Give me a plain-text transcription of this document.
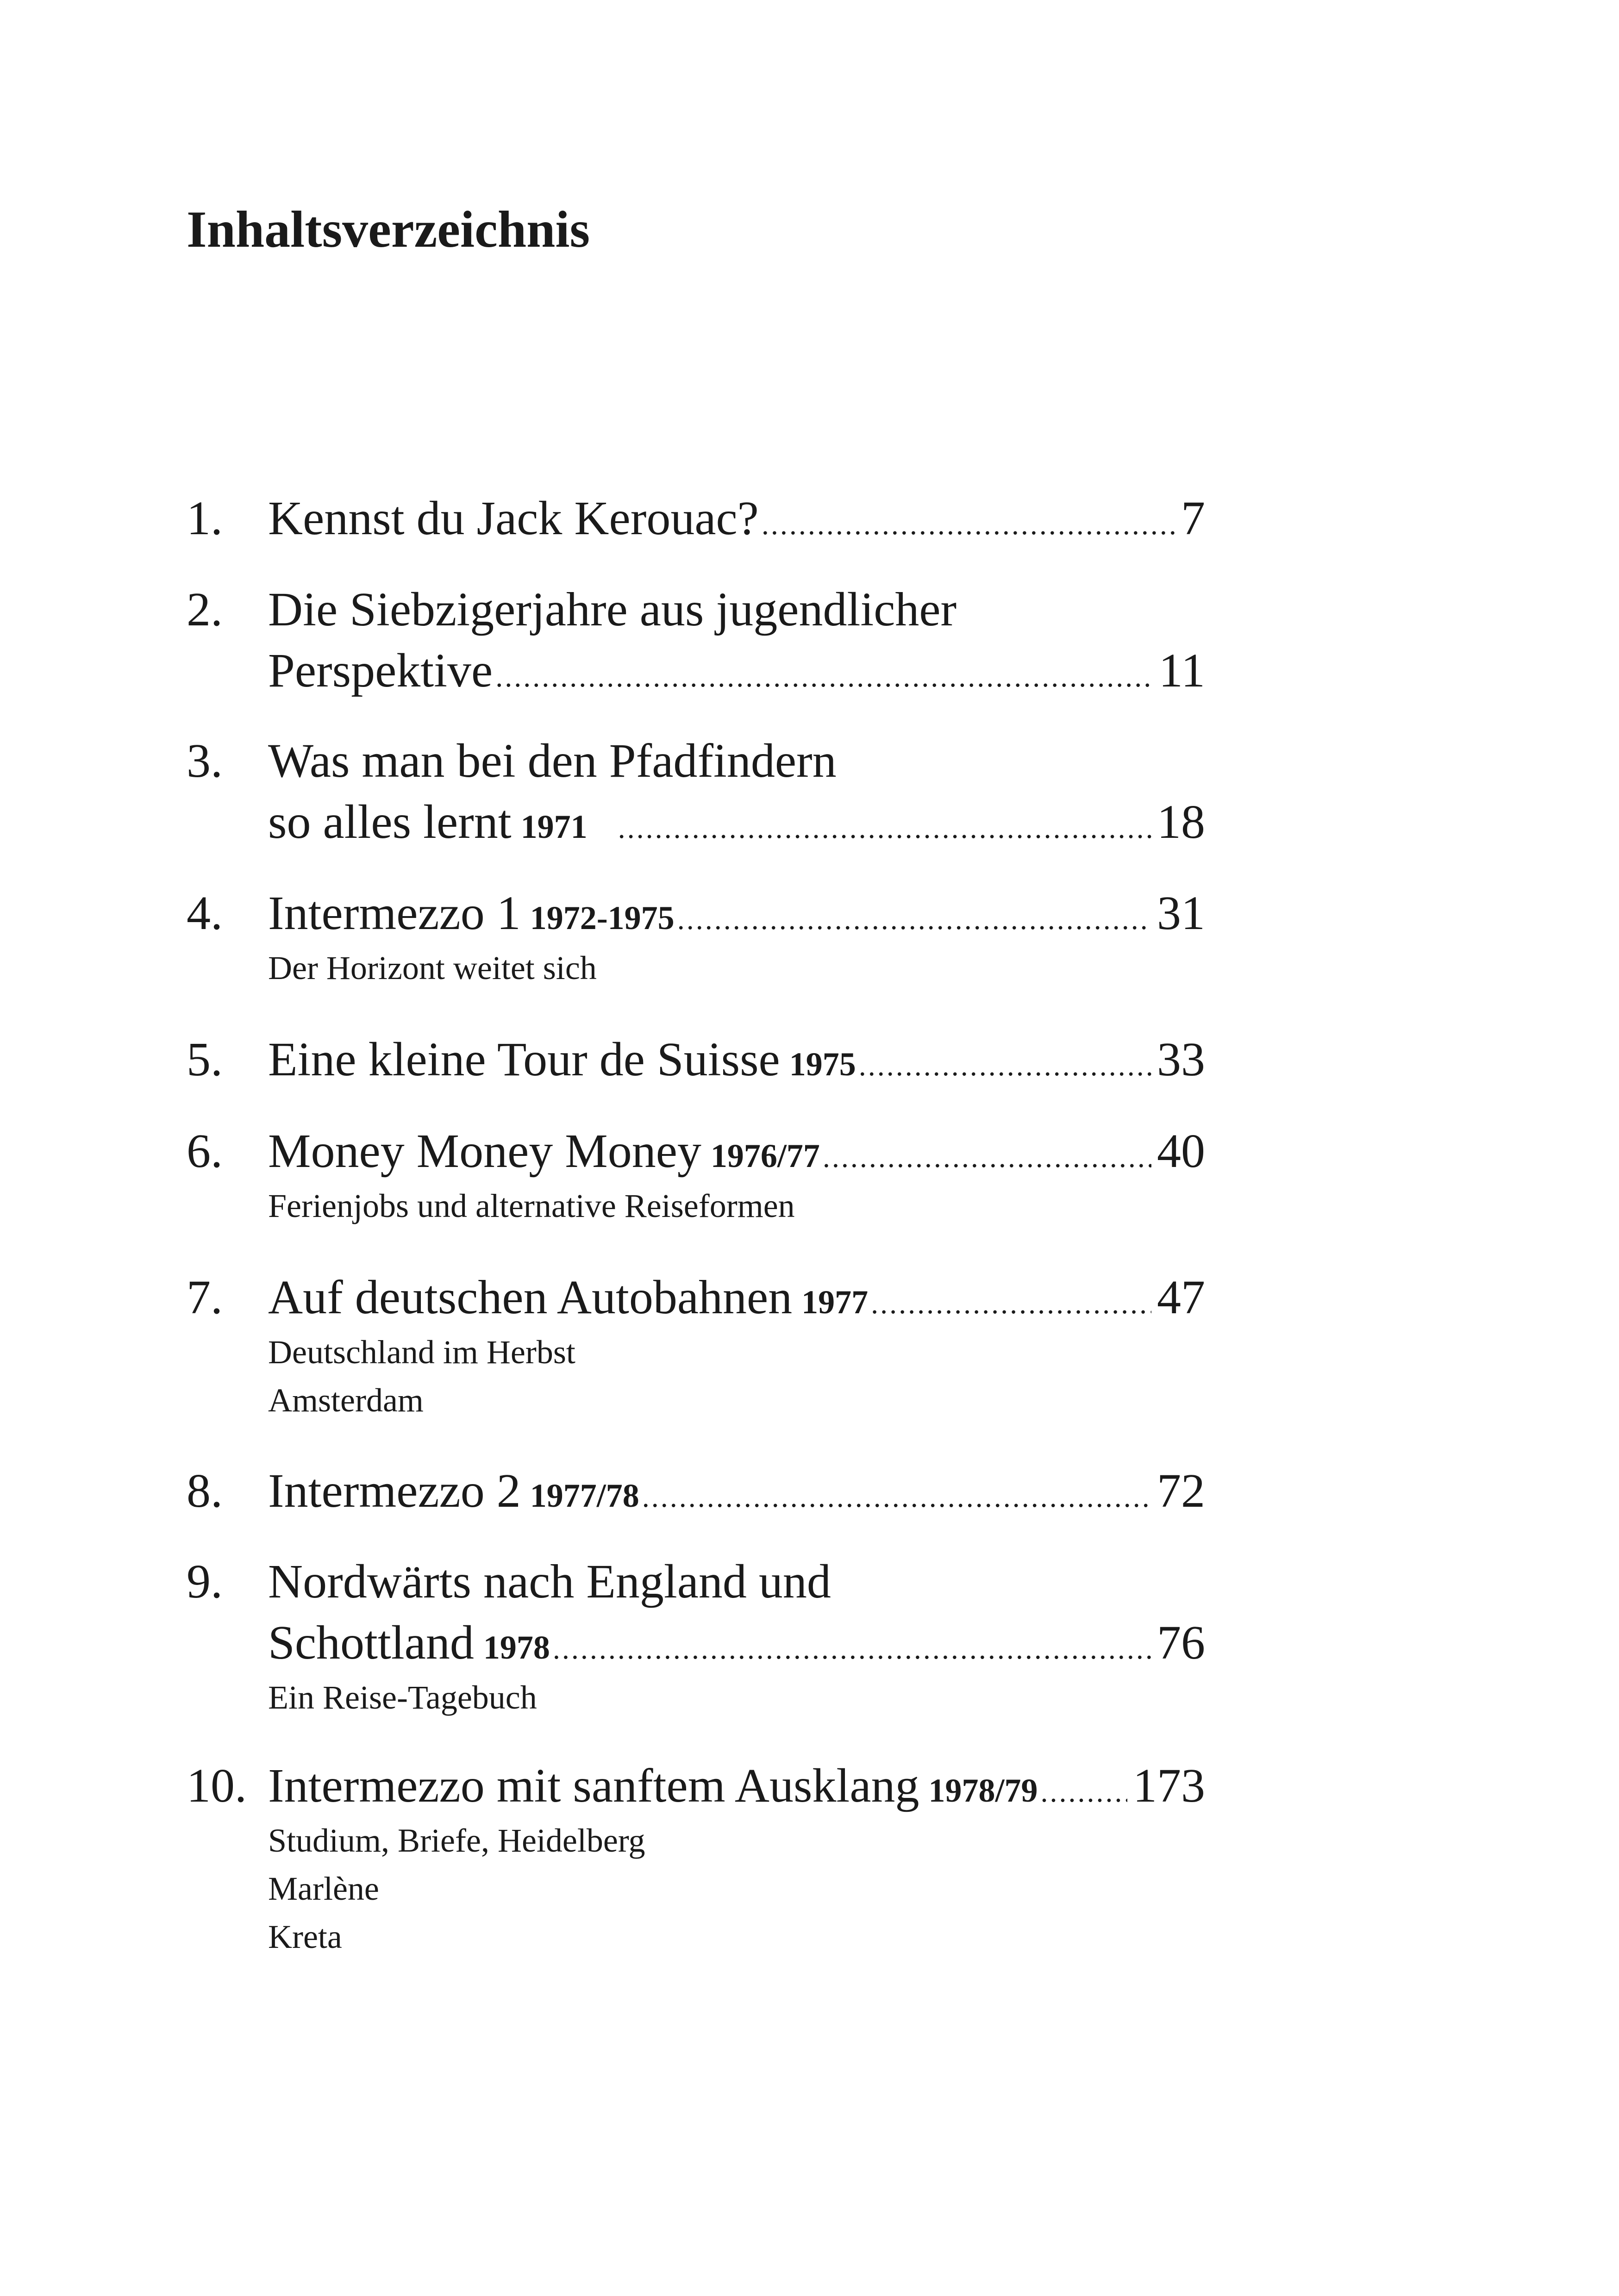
Inhaltsverzeichnis
1. Kennst du Jack Kerouac? .....	7
2. Die Siebzigerjahre aus jugendlicher
Perspektive .....	11
3. Was man bei den Pfadfindern
so alles lernt 1971 .....	18
4. Intermezzo 1 1972-1975 .....	31
Der Horizont weitet sich
5. Eine kleine Tour de Suisse 1975 .....	33
6. Money Money Money 1976/77 .....	40
Ferienjobs und alternative Reiseformen
7. Auf deutschen Autobahnen 1977 .....	47
Deutschland im Herbst
Amsterdam
8. Intermezzo 2 1977/78 .....	72
9. Nordwärts nach England und
Schottland 1978 .....	76
Ein Reise-Tagebuch
10. Intermezzo mit sanftem Ausklang 1978/79 ..... 173
Studium, Briefe, Heidelberg
Marlène
Kreta
